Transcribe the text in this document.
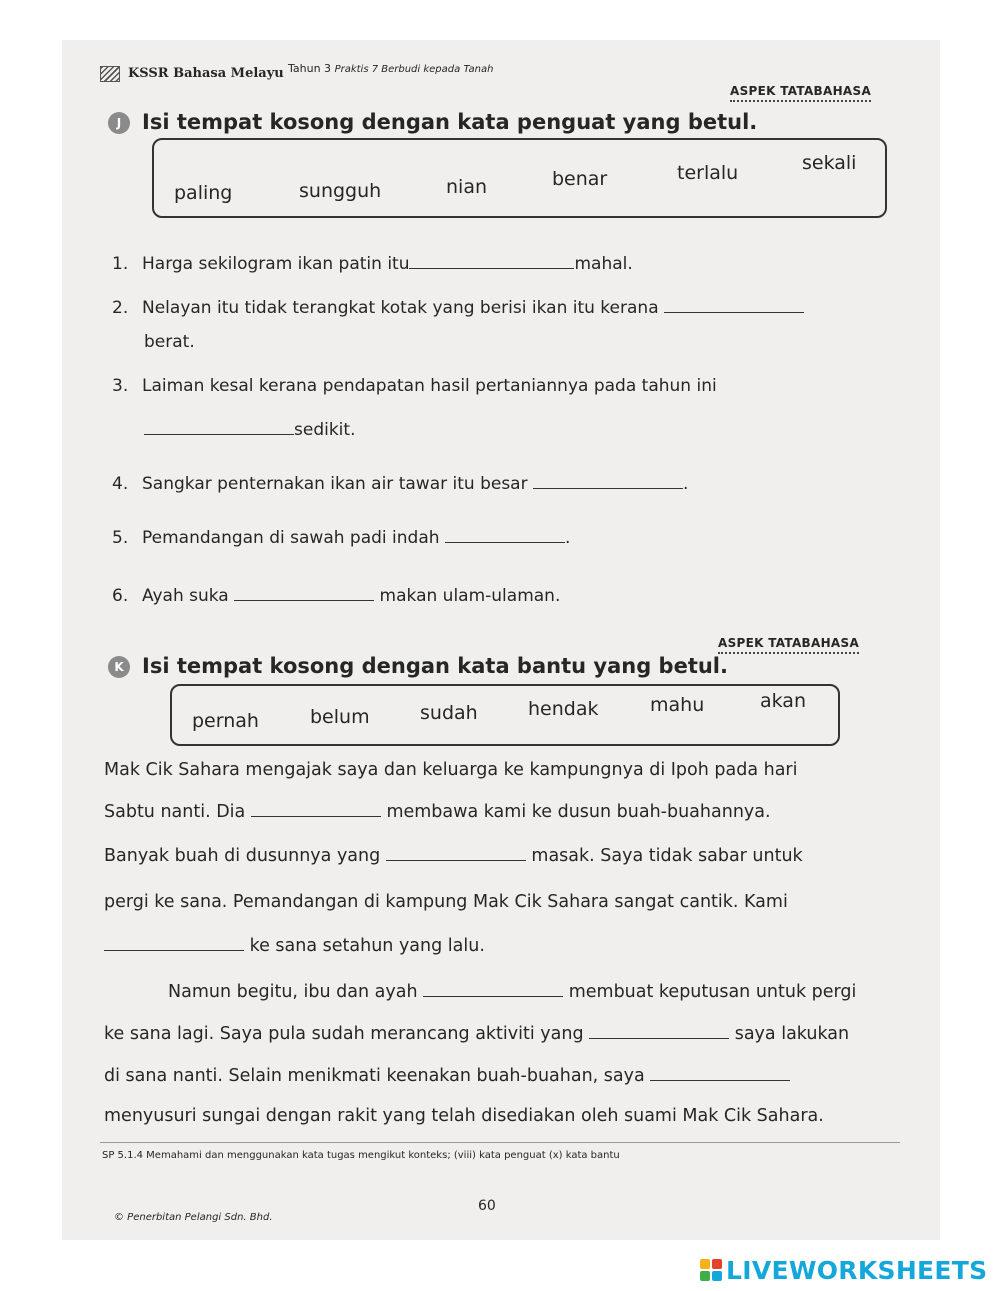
KSSR Bahasa Melayu Tahun 3 Praktis 7 Berbudi kepada Tanah
ASPEK TATABAHASA
J Isi tempat kosong dengan kata penguat yang betul.
paling	sungguh	nian	benar	terlalu	sekali
1. Harga sekilogram ikan patin itu	mahal.
2. Nelayan itu tidak terangkat kotak yang berisi ikan itu kerana
berat.
3. Laiman kesal kerana pendapatan hasil pertaniannya pada tahun ini
sedikit.
4. Sangkar penternakan ikan air tawar itu besar	.
5. Pemandangan di sawah padi indah	.
6. Ayah suka	makan ulam-ulaman.
ASPEK TATABAHASA
K Isi tempat kosong dengan kata bantu yang betul.
pernah	belum	sudah	hendak	mahu	akan
Mak Cik Sahara mengajak saya dan keluarga ke kampungnya di Ipoh pada hari
Sabtu nanti. Dia	membawa kami ke dusun buah-buahannya.
Banyak buah di dusunnya yang	masak. Saya tidak sabar untuk
pergi ke sana. Pemandangan di kampung Mak Cik Sahara sangat cantik. Kami
ke sana setahun yang lalu.
Namun begitu, ibu dan ayah	membuat keputusan untuk pergi
ke sana lagi. Saya pula sudah merancang aktiviti yang	saya lakukan
di sana nanti. Selain menikmati keenakan buah-buahan, saya
menyusuri sungai dengan rakit yang telah disediakan oleh suami Mak Cik Sahara.
SP 5.1.4 Memahami dan menggunakan kata tugas mengikut konteks; (viii) kata penguat (x) kata bantu
60
© Penerbitan Pelangi Sdn. Bhd.
LIVEWORKSHEETS
